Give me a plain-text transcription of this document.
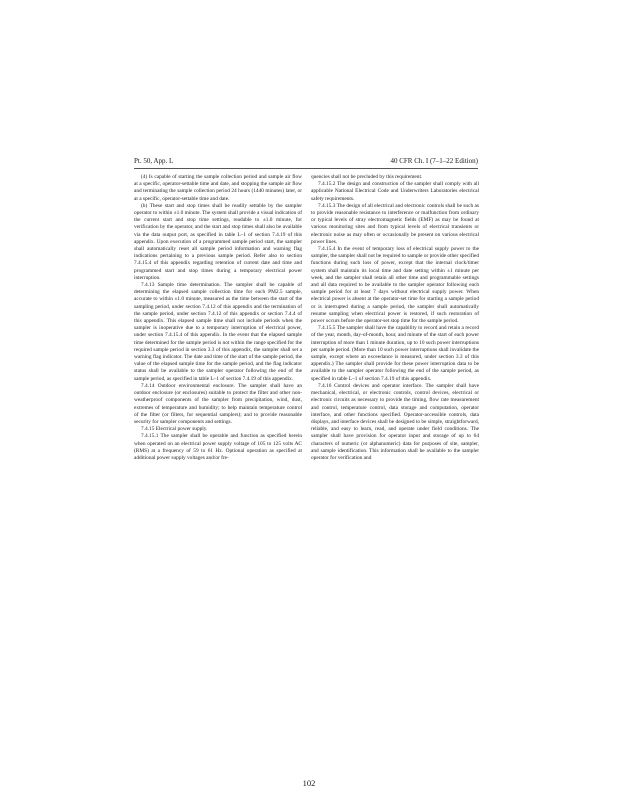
Pt. 50, App. L	40 CFR Ch. I (7–1–22 Edition)

(4) Is capable of starting the sample collection period and sample air flow at a specific, operator-settable time and date, and stopping the sample air flow and terminating the sample collection period 24 hours (1440 minutes) later, or at a specific, operator-settable time and date.

(b) These start and stop times shall be readily settable by the sampler operator to within ±1.0 minute. The system shall provide a visual indication of the current start and stop time settings, readable to ±1.0 minute, for verification by the operator, and the start and stop times shall also be available via the data output port, as specified in table L–1 of section 7.4.19 of this appendix. Upon execution of a programmed sample period start, the sampler shall automatically reset all sample period information and warning flag indications pertaining to a previous sample period. Refer also to section 7.4.15.4 of this appendix regarding retention of current date and time and programmed start and stop times during a temporary electrical power interruption.

7.4.13 Sample time determination. The sampler shall be capable of determining the elapsed sample collection time for each PM2.5 sample, accurate to within ±1.0 minute, measured as the time between the start of the sampling period, under section 7.4.12 of this appendix and the termination of the sample period, under section 7.4.12 of this appendix or section 7.4.4 of this appendix. This elapsed sample time shall not include periods when the sampler is inoperative due to a temporary interruption of electrical power, under section 7.4.15.4 of this appendix. In the event that the elapsed sample time determined for the sample period is not within the range specified for the required sample period in section 3.3 of this appendix, the sampler shall set a warning flag indicator. The date and time of the start of the sample period, the value of the elapsed sample time for the sample period, and the flag indicator status shall be available to the sampler operator following the end of the sample period, as specified in table L–1 of section 7.4.19 of this appendix.

7.4.14 Outdoor environmental enclosure. The sampler shall have an outdoor enclosure (or enclosures) suitable to protect the filter and other non-weatherproof components of the sampler from precipitation, wind, dust, extremes of temperature and humidity; to help maintain temperature control of the filter (or filters, for sequential samplers); and to provide reasonable security for sampler components and settings.

7.4.15 Electrical power supply.

7.4.15.1 The sampler shall be operable and function as specified herein when operated on an electrical power supply voltage of 105 to 125 volts AC (RMS) at a frequency of 59 to 61 Hz. Optional operation as specified at additional power supply voltages and/or fre-

quencies shall not be precluded by this requirement.

7.4.15.2 The design and construction of the sampler shall comply with all applicable National Electrical Code and Underwriters Laboratories electrical safety requirements.

7.4.15.3 The design of all electrical and electronic controls shall be such as to provide reasonable resistance to interference or malfunction from ordinary or typical levels of stray electromagnetic fields (EMF) as may be found at various monitoring sites and from typical levels of electrical transients or electronic noise as may often or occasionally be present on various electrical power lines.

7.4.15.4 In the event of temporary loss of electrical supply power to the sampler, the sampler shall not be required to sample or provide other specified functions during such loss of power, except that the internal clock/timer system shall maintain its local time and date setting within ±1 minute per week, and the sampler shall retain all other time and programmable settings and all data required to be available to the sampler operator following each sample period for at least 7 days without electrical supply power. When electrical power is absent at the operator-set time for starting a sample period or is interrupted during a sample period, the sampler shall automatically resume sampling when electrical power is restored, if such restoration of power occurs before the operator-set stop time for the sample period.

7.4.15.5 The sampler shall have the capability to record and retain a record of the year, month, day-of-month, hour, and minute of the start of each power interruption of more than 1 minute duration, up to 10 such power interruptions per sample period. (More than 10 such power interruptions shall invalidate the sample, except where an exceedance is measured, under section 3.3 of this appendix.) The sampler shall provide for these power interruption data to be available to the sampler operator following the end of the sample period, as specified in table L–1 of section 7.4.19 of this appendix.

7.4.16 Control devices and operator interface. The sampler shall have mechanical, electrical, or electronic controls, control devices, electrical or electronic circuits as necessary to provide the timing, flow rate measurement and control, temperature control, data storage and computation, operator interface, and other functions specified. Operator-accessible controls, data displays, and interface devices shall be designed to be simple, straightforward, reliable, and easy to learn, read, and operate under field conditions. The sampler shall have provision for operator input and storage of up to 64 characters of numeric (or alphanumeric) data for purposes of site, sampler, and sample identification. This information shall be available to the sampler operator for verification and

102
